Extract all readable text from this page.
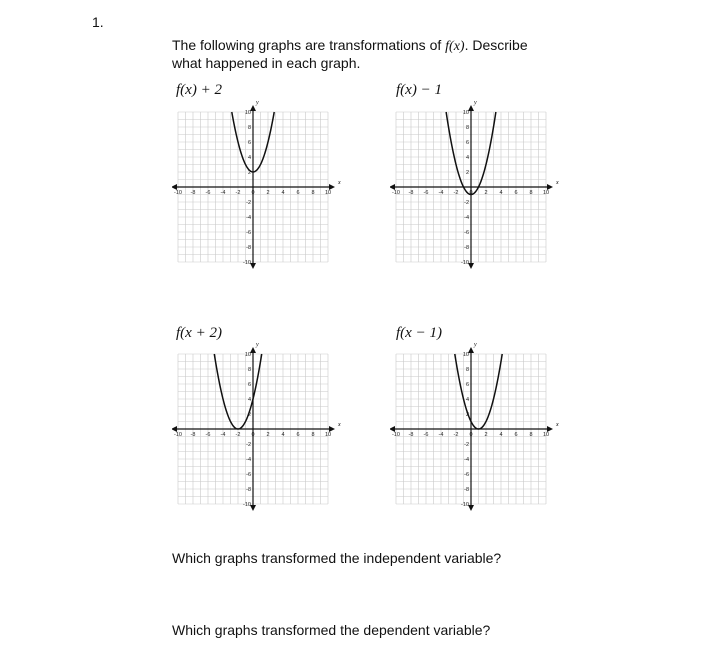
1.
The following graphs are transformations of f(x). Describe
what happened in each graph.
f(x) + 2	f(x) − 1
f(x + 2)	f(x − 1)
x
y
-10 -8 -6 -4 -2 0 2 4 6 8 10
10
8
6
4
2
-2
-4
-6
-8
-10
x
y
-10 -8 -6 -4 -2 0 2 4 6 8 10
10
8
6
4
2
-2
-4
-6
-8
-10
x
y
-10 -8 -6 -4 -2 0 2 4 6 8 10
10
8
6
4
2
-2
-4
-6
-8
-10
x
y
-10 -8 -6 -4 -2 0 2 4 6 8 10
10
8
6
4
2
-2
-4
-6
-8
-10
Which graphs transformed the independent variable?
Which graphs transformed the dependent variable?
